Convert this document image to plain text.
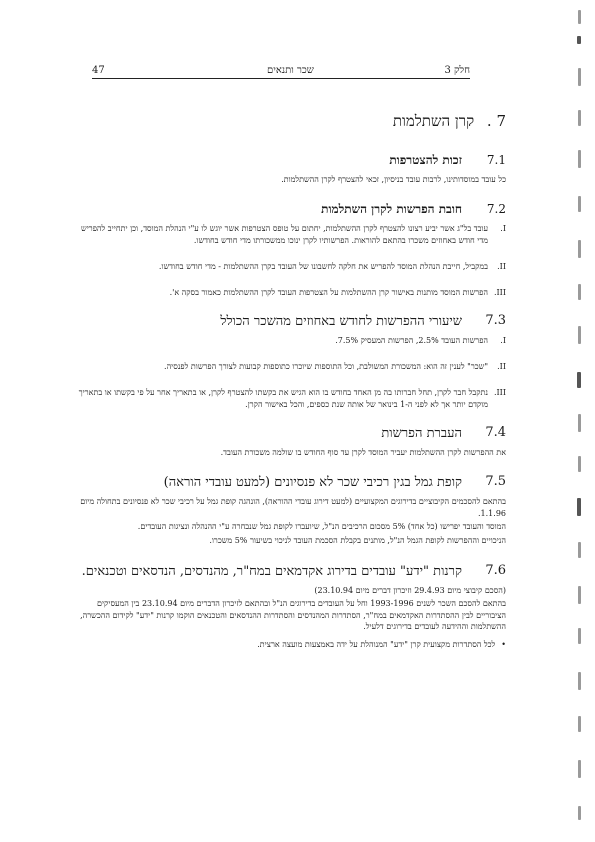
47	שכר ותנאים	חלק 3
7 . קרן השתלמות
7.1
זכות להצטרפות

כל עובד במוסדותינו, לרבות עובד בניסיון, זכאי להצטרף לקרן ההשתלמות.

7.2
חובת הפרשות לקרן השתלמות
I.
עובד בל"ג אשר יביע רצונו להצטרף לקרן ההשתלמות, יחתום על טופס הצטרפות אשר יוגש לו ע"י הנהלת המוסד, וכן יתחייב להפריש מדי חודש באחוזים משכרו בהתאם להוראות. הפרשותיו לקרן ינוכו ממשכורתו מדי חודש בחודשו.
II.
במקביל, חייבת הנהלת המוסד להפריש את חלקה לחשבונו של העובד בקרן ההשתלמות - מדי חודש בחודשו.
III.
הפרשות המוסד מותנות באישור קרן ההשתלמות על הצטרפות העובד לקרן ההשתלמות כאמור בסקה א'.
7.3
שיעורי ההפרשות לחודש באחוזים מהשכר הכולל
I.
הפרשות העובד 2.5%, הפרשות המעסיק 7.5%.
II.
"שכר" לענין זה הוא: המשכורת המשולבת, וכל התוספות שיוכרו כתוספות קבועות לצורך הפרשות לפנסיה.
III.
נתקבל חבר לקרן, תחל חברותו בה מן האחד בחודש בו הוא הגיש את בקשתו להצטרף לקרן, או בתאריך אחר על פי בקשתו או בתאריך מוקדם יותר אך לא לפני ה-1 בינואר של אותה שנת כספים, והכל באישור הקרן.
7.4
העברת הפרשות

את ההפרשות לקרן ההשתלמות יעביר המוסד לקרן עד סוף החודש בו שולמה משכורת העובד.

7.5
קופת גמל בגין רכיבי שכר לא פנסיונים (למעט עובדי הוראה)

בהתאם להסכמים הקיבוציים בדירוגים המקצועיים (למעט דירוג עובדי ההוראה), הונהגה קופת גמל על רכיבי שכר לא פנסיונים בתחולה מיום 1.1.96.

המוסד והעובד יפרישו (כל אחד) 5% מסכום הרכיבים הנ"ל, שיועברו לקופת גמל שנבחרה ע"י ההנהלה ונציגות העובדים.

הניכויים וההפרשות לקופת הגמל הנ"ל, מותנים בקבלת הסכמת העובד לניכוי בשיעור 5% משכרו.

7.6
קרנות "ידע" עובדים בדירוג אקדמאים במח"ר, מהנדסים, הנדסאים וטכנאים.

(הסכם קיבוצי מיום 29.4.93 וזיכרון דברים מיום 23.10.94)

בהתאם להסכם השכר לשנים 1993-1996 וחל על העובדים בדירוגים הנ"ל ובהתאם לזיכרון הדברים מיום 23.10.94 בין המעסיקים הציבוריים לבין ההסתדרות האקדמאים במח"ר, הסתדרות המהנדסים והסתדרות ההנדסאים והטכנאים הוקמו קרנות "ידע" לקידום ההכשרה, ההשתלמות וההידעה לעובדים בדירוגים דלעיל.

•
לכל הסתדרות מקצועית קרן "ידע" המנוהלת על ידה באמצעות מועצה ארצית.
